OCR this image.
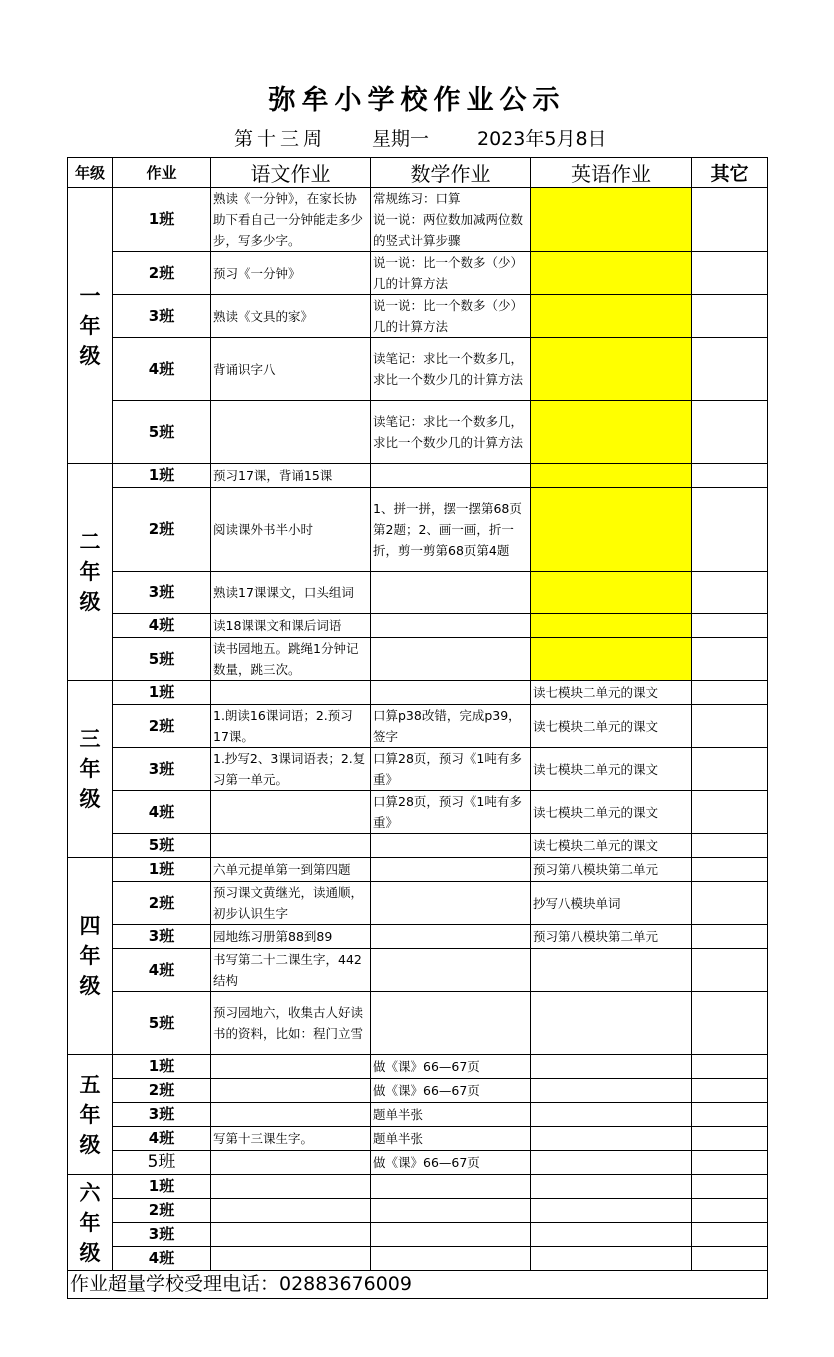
弥牟小学校作业公示
第十三周 星期一	2023年5月8日
年级	作业	语文作业	数学作业	英语作业	其它

一年级	1班	熟读《一分钟》，在家长协助下看自己一分钟能走多少步，写多少字。	常规练习：口算
说一说：两位数加减两位数的竖式计算步骤		

	2班	预习《一分钟》	说一说：比一个数多（少）几的计算方法		

	3班	熟读《文具的家》	说一说：比一个数多（少）几的计算方法		

	4班	背诵识字八	读笔记：求比一个数多几，求比一个数少几的计算方法		

	5班		读笔记：求比一个数多几，求比一个数少几的计算方法		

二年级	1班	预习17课，背诵15课			

	2班	阅读课外书半小时	1、拼一拼，摆一摆第68页第2题；2、画一画，折一折，剪一剪第68页第4题		

	3班	熟读17课课文，口头组词			

	4班	读18课课文和课后词语			

	5班	读书园地五。跳绳1分钟记数量，跳三次。			

三年级	1班			读七模块二单元的课文	

	2班	1.朗读16课词语；2.预习17课。	口算p38改错，完成p39，签字	读七模块二单元的课文	

	3班	1.抄写2、3课词语表；2.复习第一单元。	口算28页，预习《1吨有多重》	读七模块二单元的课文	

	4班		口算28页，预习《1吨有多重》	读七模块二单元的课文	

	5班			读七模块二单元的课文	

四年级	1班	六单元提单第一到第四题		预习第八模块第二单元	

	2班	预习课文黄继光，读通顺，初步认识生字		抄写八模块单词	

	3班	园地练习册第88到89		预习第八模块第二单元	

	4班	书写第二十二课生字，442结构			

	5班	预习园地六，收集古人好读书的资料，比如：程门立雪			

五年级	1班		做《课》66—67页		

	2班		做《课》66—67页		

	3班		题单半张		

	4班	写第十三课生字。	题单半张		

	5班		做《课》66—67页		

六年级	1班	

	2班	

	3班	

	4班	

作业超量学校受理电话：02883676009					
